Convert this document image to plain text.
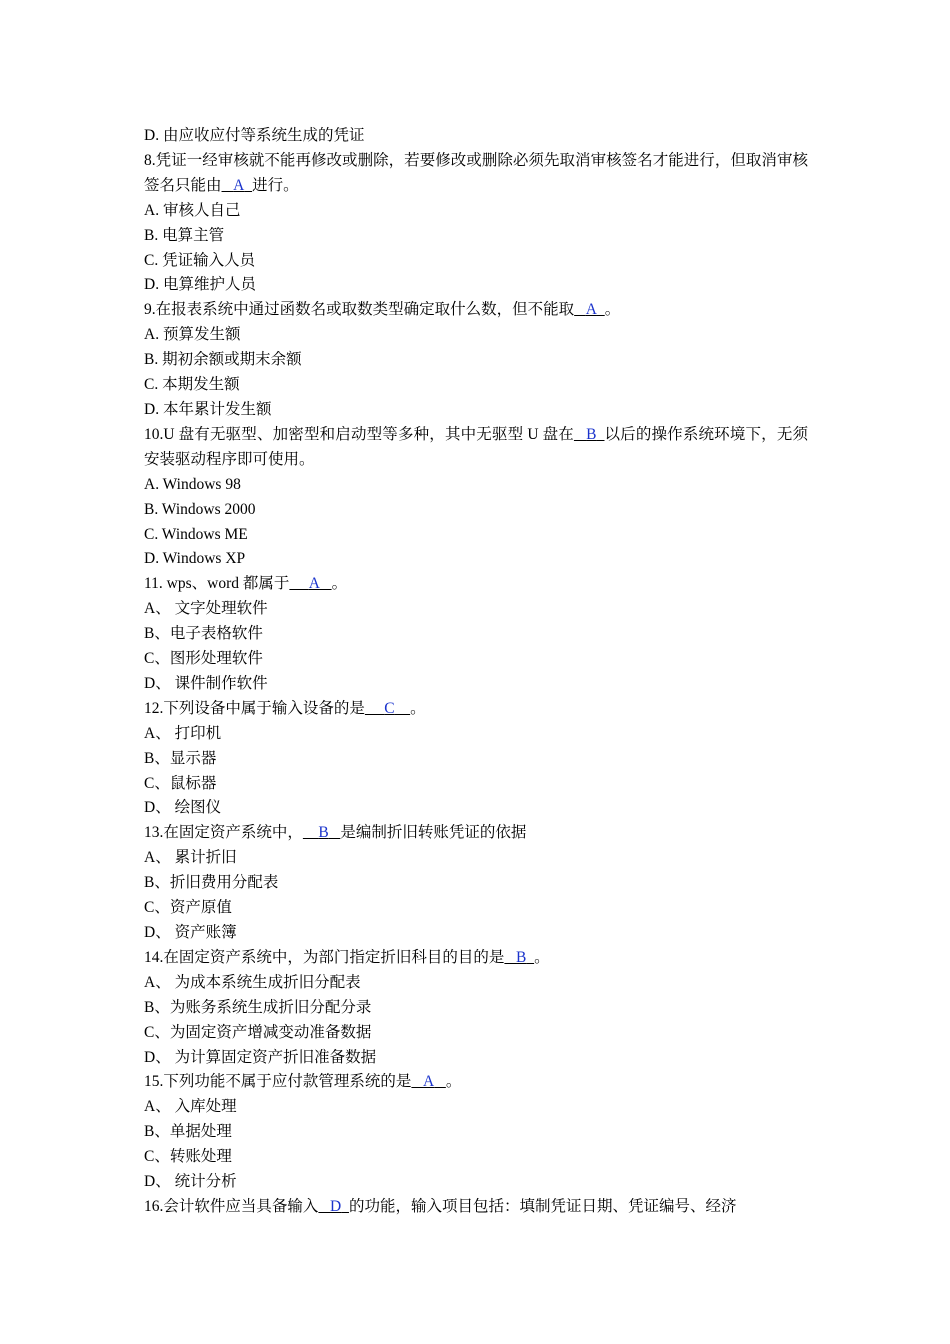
D. 由应收应付等系统生成的凭证
8.凭证一经审核就不能再修改或删除，若要修改或删除必须先取消审核签名才能进行，但取消审核签名只能由 A 进行。
A. 审核人自己
B. 电算主管
C. 凭证输入人员
D. 电算维护人员
9.在报表系统中通过函数名或取数类型确定取什么数，但不能取 A 。
A. 预算发生额
B. 期初余额或期末余额
C. 本期发生额
D. 本年累计发生额
10.U 盘有无驱型、加密型和启动型等多种，其中无驱型 U 盘在 B 以后的操作系统环境下，无须安装驱动程序即可使用。
A. Windows 98
B. Windows 2000
C. Windows ME
D. Windows XP
11. wps、word 都属于 A 。
A、 文字处理软件
B、电子表格软件
C、图形处理软件
D、 课件制作软件
12.下列设备中属于输入设备的是 C 。
A、 打印机
B、显示器
C、鼠标器
D、 绘图仪
13.在固定资产系统中， B 是编制折旧转账凭证的依据
A、 累计折旧
B、折旧费用分配表
C、资产原值
D、 资产账簿
14.在固定资产系统中，为部门指定折旧科目的目的是 B 。
A、 为成本系统生成折旧分配表
B、为账务系统生成折旧分配分录
C、为固定资产增减变动准备数据
D、 为计算固定资产折旧准备数据
15.下列功能不属于应付款管理系统的是 A 。
A、 入库处理
B、单据处理
C、转账处理
D、 统计分析
16.会计软件应当具备输入 D 的功能，输入项目包括：填制凭证日期、凭证编号、经济
